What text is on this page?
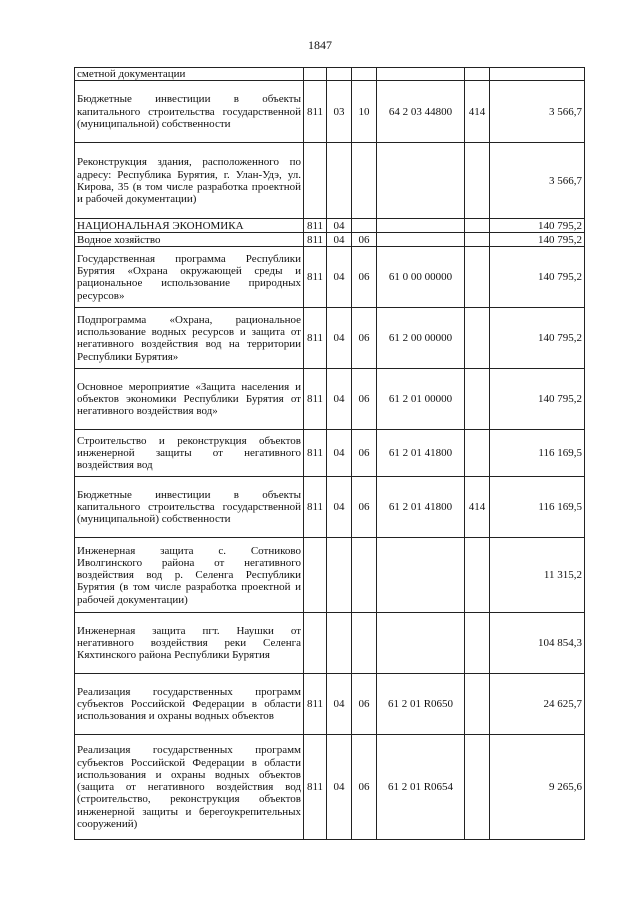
1847
сметной документации						
Бюджетные инвестиции в объекты капитального строительства государственной (муниципальной) собственности	811	03	10	64 2 03 44800	414	3 566,7
Реконструкция здания, расположенного по адресу: Республика Бурятия, г. Улан-Удэ, ул. Кирова, 35 (в том числе разработка проектной и рабочей документации)						3 566,7
НАЦИОНАЛЬНАЯ ЭКОНОМИКА	811	04				140 795,2
Водное хозяйство	811	04	06			140 795,2
Государственная программа Республики Бурятия «Охрана окружающей среды и рациональное использование природных ресурсов»	811	04	06	61 0 00 00000		140 795,2
Подпрограмма «Охрана, рациональное использование водных ресурсов и защита от негативного воздействия вод на территории Республики Бурятия»	811	04	06	61 2 00 00000		140 795,2
Основное мероприятие «Защита населения и объектов экономики Республики Бурятия от негативного воздействия вод»	811	04	06	61 2 01 00000		140 795,2
Строительство и реконструкция объектов инженерной защиты от негативного воздействия вод	811	04	06	61 2 01 41800		116 169,5
Бюджетные инвестиции в объекты капитального строительства государственной (муниципальной) собственности	811	04	06	61 2 01 41800	414	116 169,5
Инженерная защита с. Сотниково Иволгинского района от негативного воздействия вод р. Селенга Республики Бурятия (в том числе разработка проектной и рабочей документации)						11 315,2
Инженерная защита пгт. Наушки от негативного воздействия реки Селенга Кяхтинского района Республики Бурятия						104 854,3
Реализация государственных программ субъектов Российской Федерации в области использования и охраны водных объектов	811	04	06	61 2 01 R0650		24 625,7
Реализация государственных программ субъектов Российской Федерации в области использования и охраны водных объектов (защита от негативного воздействия вод (строительство, реконструкция объектов инженерной защиты и берегоукрепительных сооружений)	811	04	06	61 2 01 R0654		9 265,6
